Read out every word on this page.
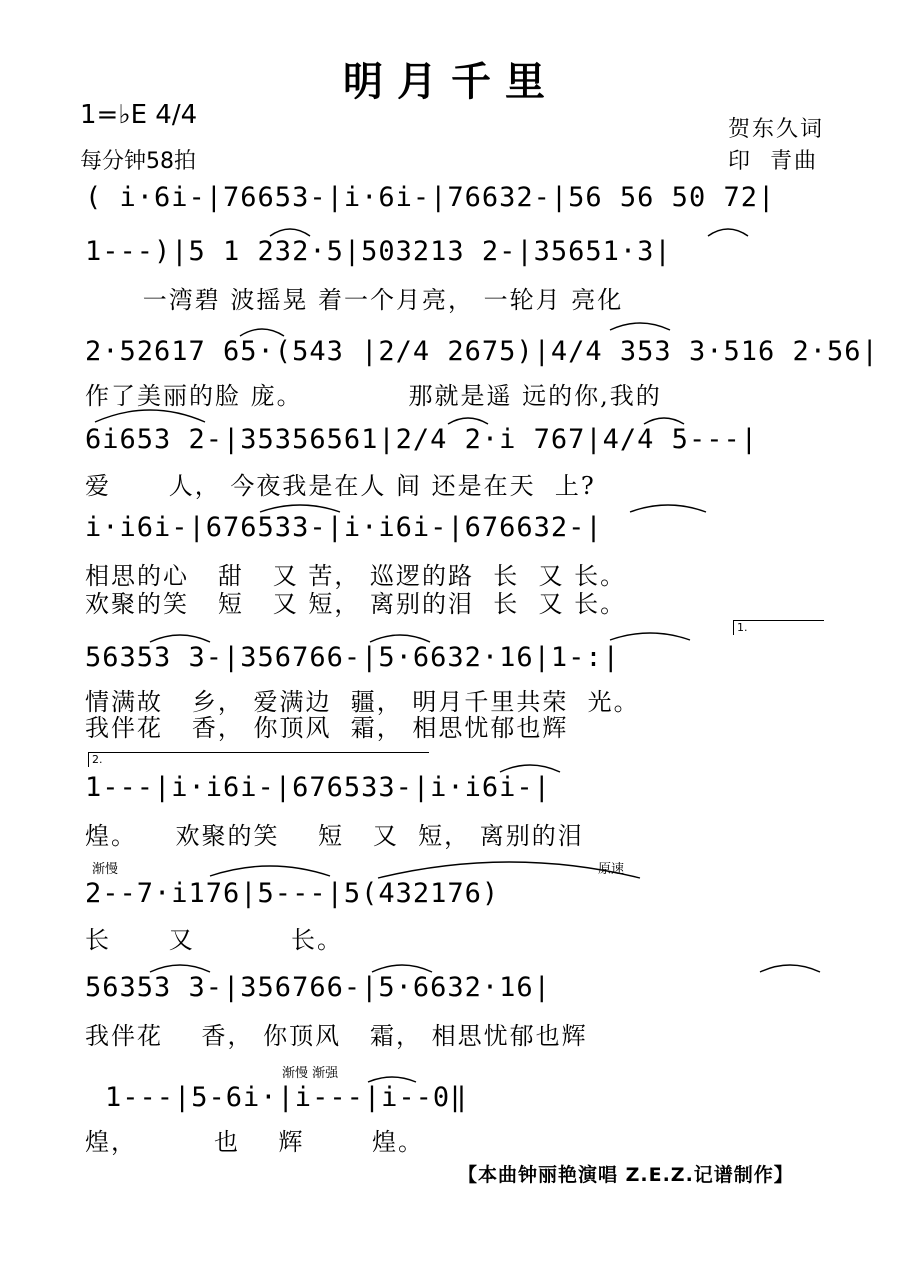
明月千里
1=♭E 4/4
每分钟58拍
贺东久词
印  青曲
( i·6i-|76653-|i·6i-|76632-|56 56 50 72|
1---)|5 1 232·5|503213 2-|35651·3|
一湾碧 波摇晃 着一个月亮， 一轮月 亮化
2·52617 65·(543 |2/4 2675)|4/4 353 3·516 2·56|
作了美丽的脸 庞。           那就是遥 远的你,我的
6i653 2-|35356561|2/4 2·i 767|4/4 5---|
爱      人， 今夜我是在人 间 还是在天  上?
i·i6i-|676533-|i·i6i-|676632-|
相思的心   甜   又 苦， 巡逻的路  长  又 长。
欢聚的笑   短   又 短， 离别的泪  长  又 长。
1.
56353 3-|356766-|5·6632·16|1-:|
情满故   乡， 爱满边  疆， 明月千里共荣  光。
我伴花   香， 你顶风  霜， 相思忧郁也辉
2.
1---|i·i6i-|676533-|i·i6i-|
煌。    欢聚的笑    短   又  短， 离别的泪
渐慢	原速
2--7·i176|5---|5(432176)
长      又          长。
56353 3-|356766-|5·6632·16|
我伴花    香， 你顶风   霜， 相思忧郁也辉
渐慢 渐强
1---|5-6i·|i---|i--0‖
煌，        也    辉       煌。
【本曲钟丽艳演唱 Z.E.Z.记谱制作】
